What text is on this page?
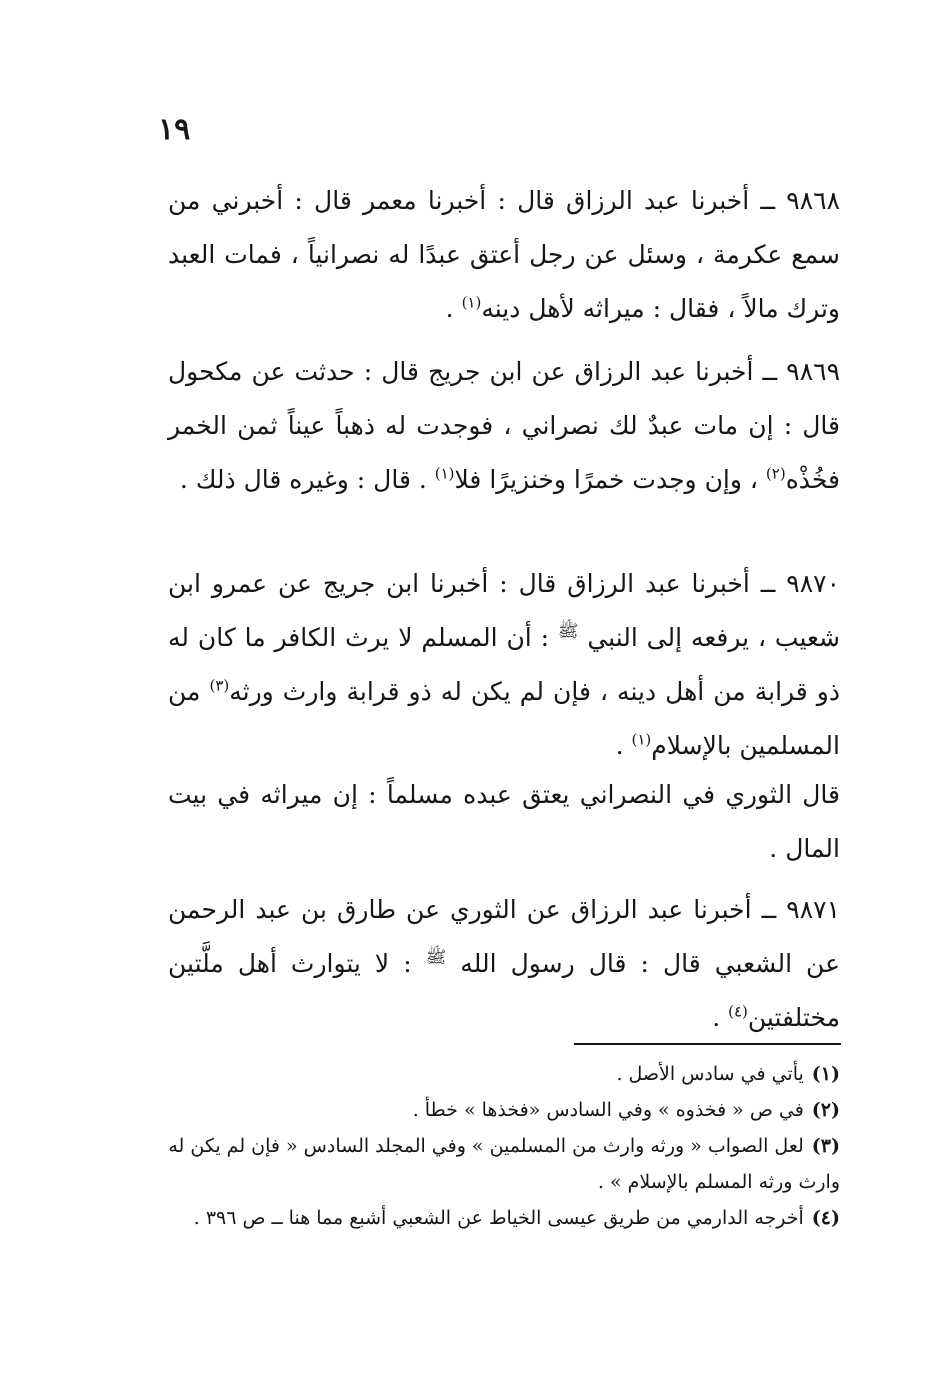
١٩

٩٨٦٨ ــ أخبرنا عبد الرزاق قال : أخبرنا معمر قال : أخبرني من سمع عكرمة ، وسئل عن رجل أعتق عبدًا له نصرانياً ، فمات العبد وترك مالاً ، فقال : ميراثه لأهل دينه$^{(١)}$ .

٩٨٦٩ ــ أخبرنا عبد الرزاق عن ابن جريج قال : حدثت عن مكحول قال : إن مات عبدٌ لك نصراني ، فوجدت له ذهباً عيناً ثمن الخمر فخُذْه$^{(٢)}$ ، وإن وجدت خمرًا وخنزيرًا فلا$^{(١)}$ . قال : وغيره قال ذلك .

٩٨٧٠ ــ أخبرنا عبد الرزاق قال : أخبرنا ابن جريج عن عمرو ابن شعيب ، يرفعه إلى النبي $^ﷺ$ : أن المسلم لا يرث الكافر ما كان له ذو قرابة من أهل دينه ، فإن لم يكن له ذو قرابة وارث ورثه$^{(٣)}$ من المسلمين بالإسلام$^{(١)}$ .

قال الثوري في النصراني يعتق عبده مسلماً : إن ميراثه في بيت المال .

٩٨٧١ ــ أخبرنا عبد الرزاق عن الثوري عن طارق بن عبد الرحمن عن الشعبي قال : قال رسول الله $^ﷺ$ : لا يتوارث أهل ملَّتين مختلفتين$^{(٤)}$ .

(١)يأتي في سادس الأصل .
(٢)في ص « فخذوه » وفي السادس «فخذها » خطأ .
(٣)لعل الصواب « ورثه وارث من المسلمين » وفي المجلد السادس « فإن لم يكن له وارث ورثه المسلم بالإسلام » .
(٤)أخرجه الدارمي من طريق عيسى الخياط عن الشعبي أشبع مما هنا ــ ص ٣٩٦ .
